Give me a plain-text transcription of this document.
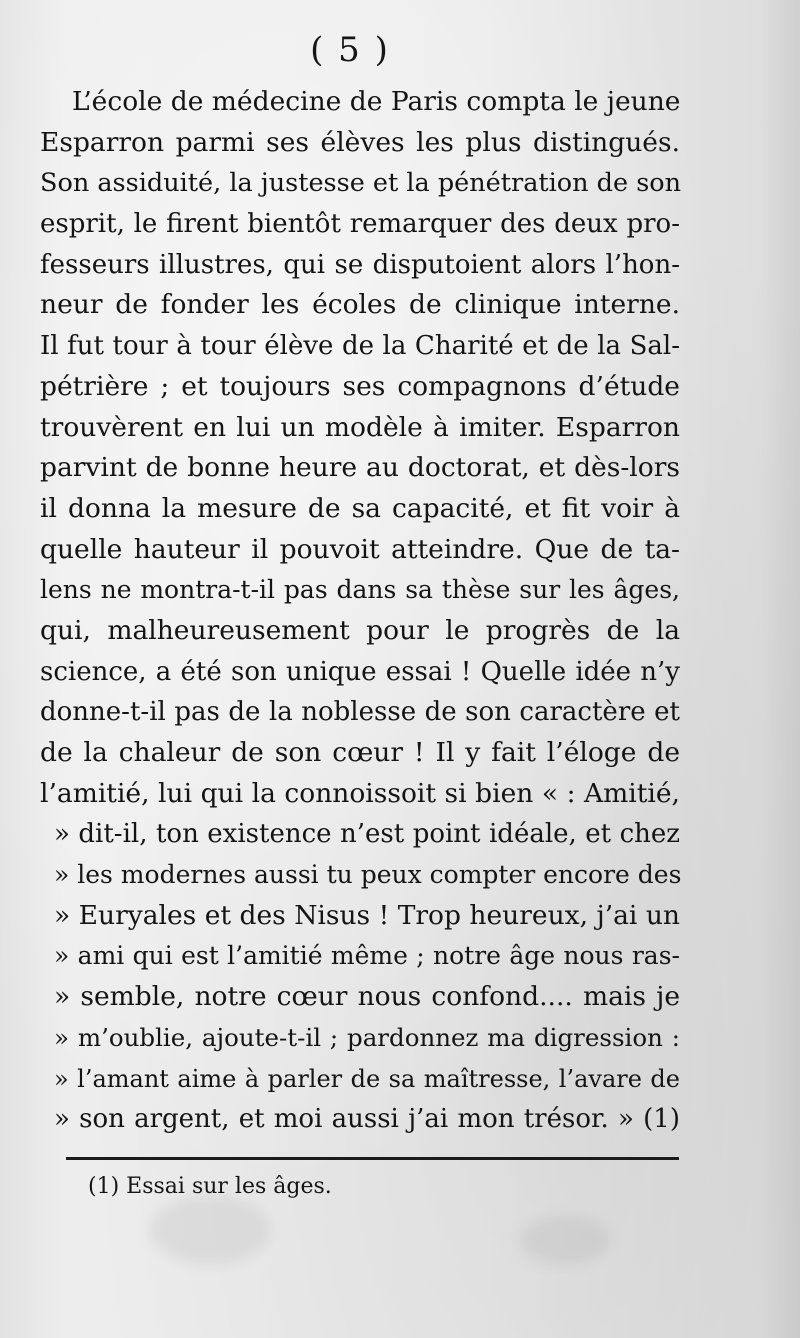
( 5 )
L’école de médecine de Paris compta le jeune
Esparron parmi ses élèves les plus distingués.
Son assiduité, la justesse et la pénétration de son
esprit, le firent bientôt remarquer des deux pro-
fesseurs illustres, qui se disputoient alors l’hon-
neur de fonder les écoles de clinique interne.
Il fut tour à tour élève de la Charité et de la Sal-
pétrière ; et toujours ses compagnons d’étude
trouvèrent en lui un modèle à imiter. Esparron
parvint de bonne heure au doctorat, et dès-lors
il donna la mesure de sa capacité, et fit voir à
quelle hauteur il pouvoit atteindre. Que de ta-
lens ne montra-t-il pas dans sa thèse sur les âges,
qui, malheureusement pour le progrès de la
science, a été son unique essai ! Quelle idée n’y
donne-t-il pas de la noblesse de son caractère et
de la chaleur de son cœur ! Il y fait l’éloge de
l’amitié, lui qui la connoissoit si bien « : Amitié,
» dit-il, ton existence n’est point idéale, et chez
» les modernes aussi tu peux compter encore des
» Euryales et des Nisus ! Trop heureux, j’ai un
» ami qui est l’amitié même ; notre âge nous ras-
» semble, notre cœur nous confond.... mais je
» m’oublie, ajoute-t-il ; pardonnez ma digression :
» l’amant aime à parler de sa maîtresse, l’avare de
» son argent, et moi aussi j’ai mon trésor. » (1)
(1) Essai sur les âges.
